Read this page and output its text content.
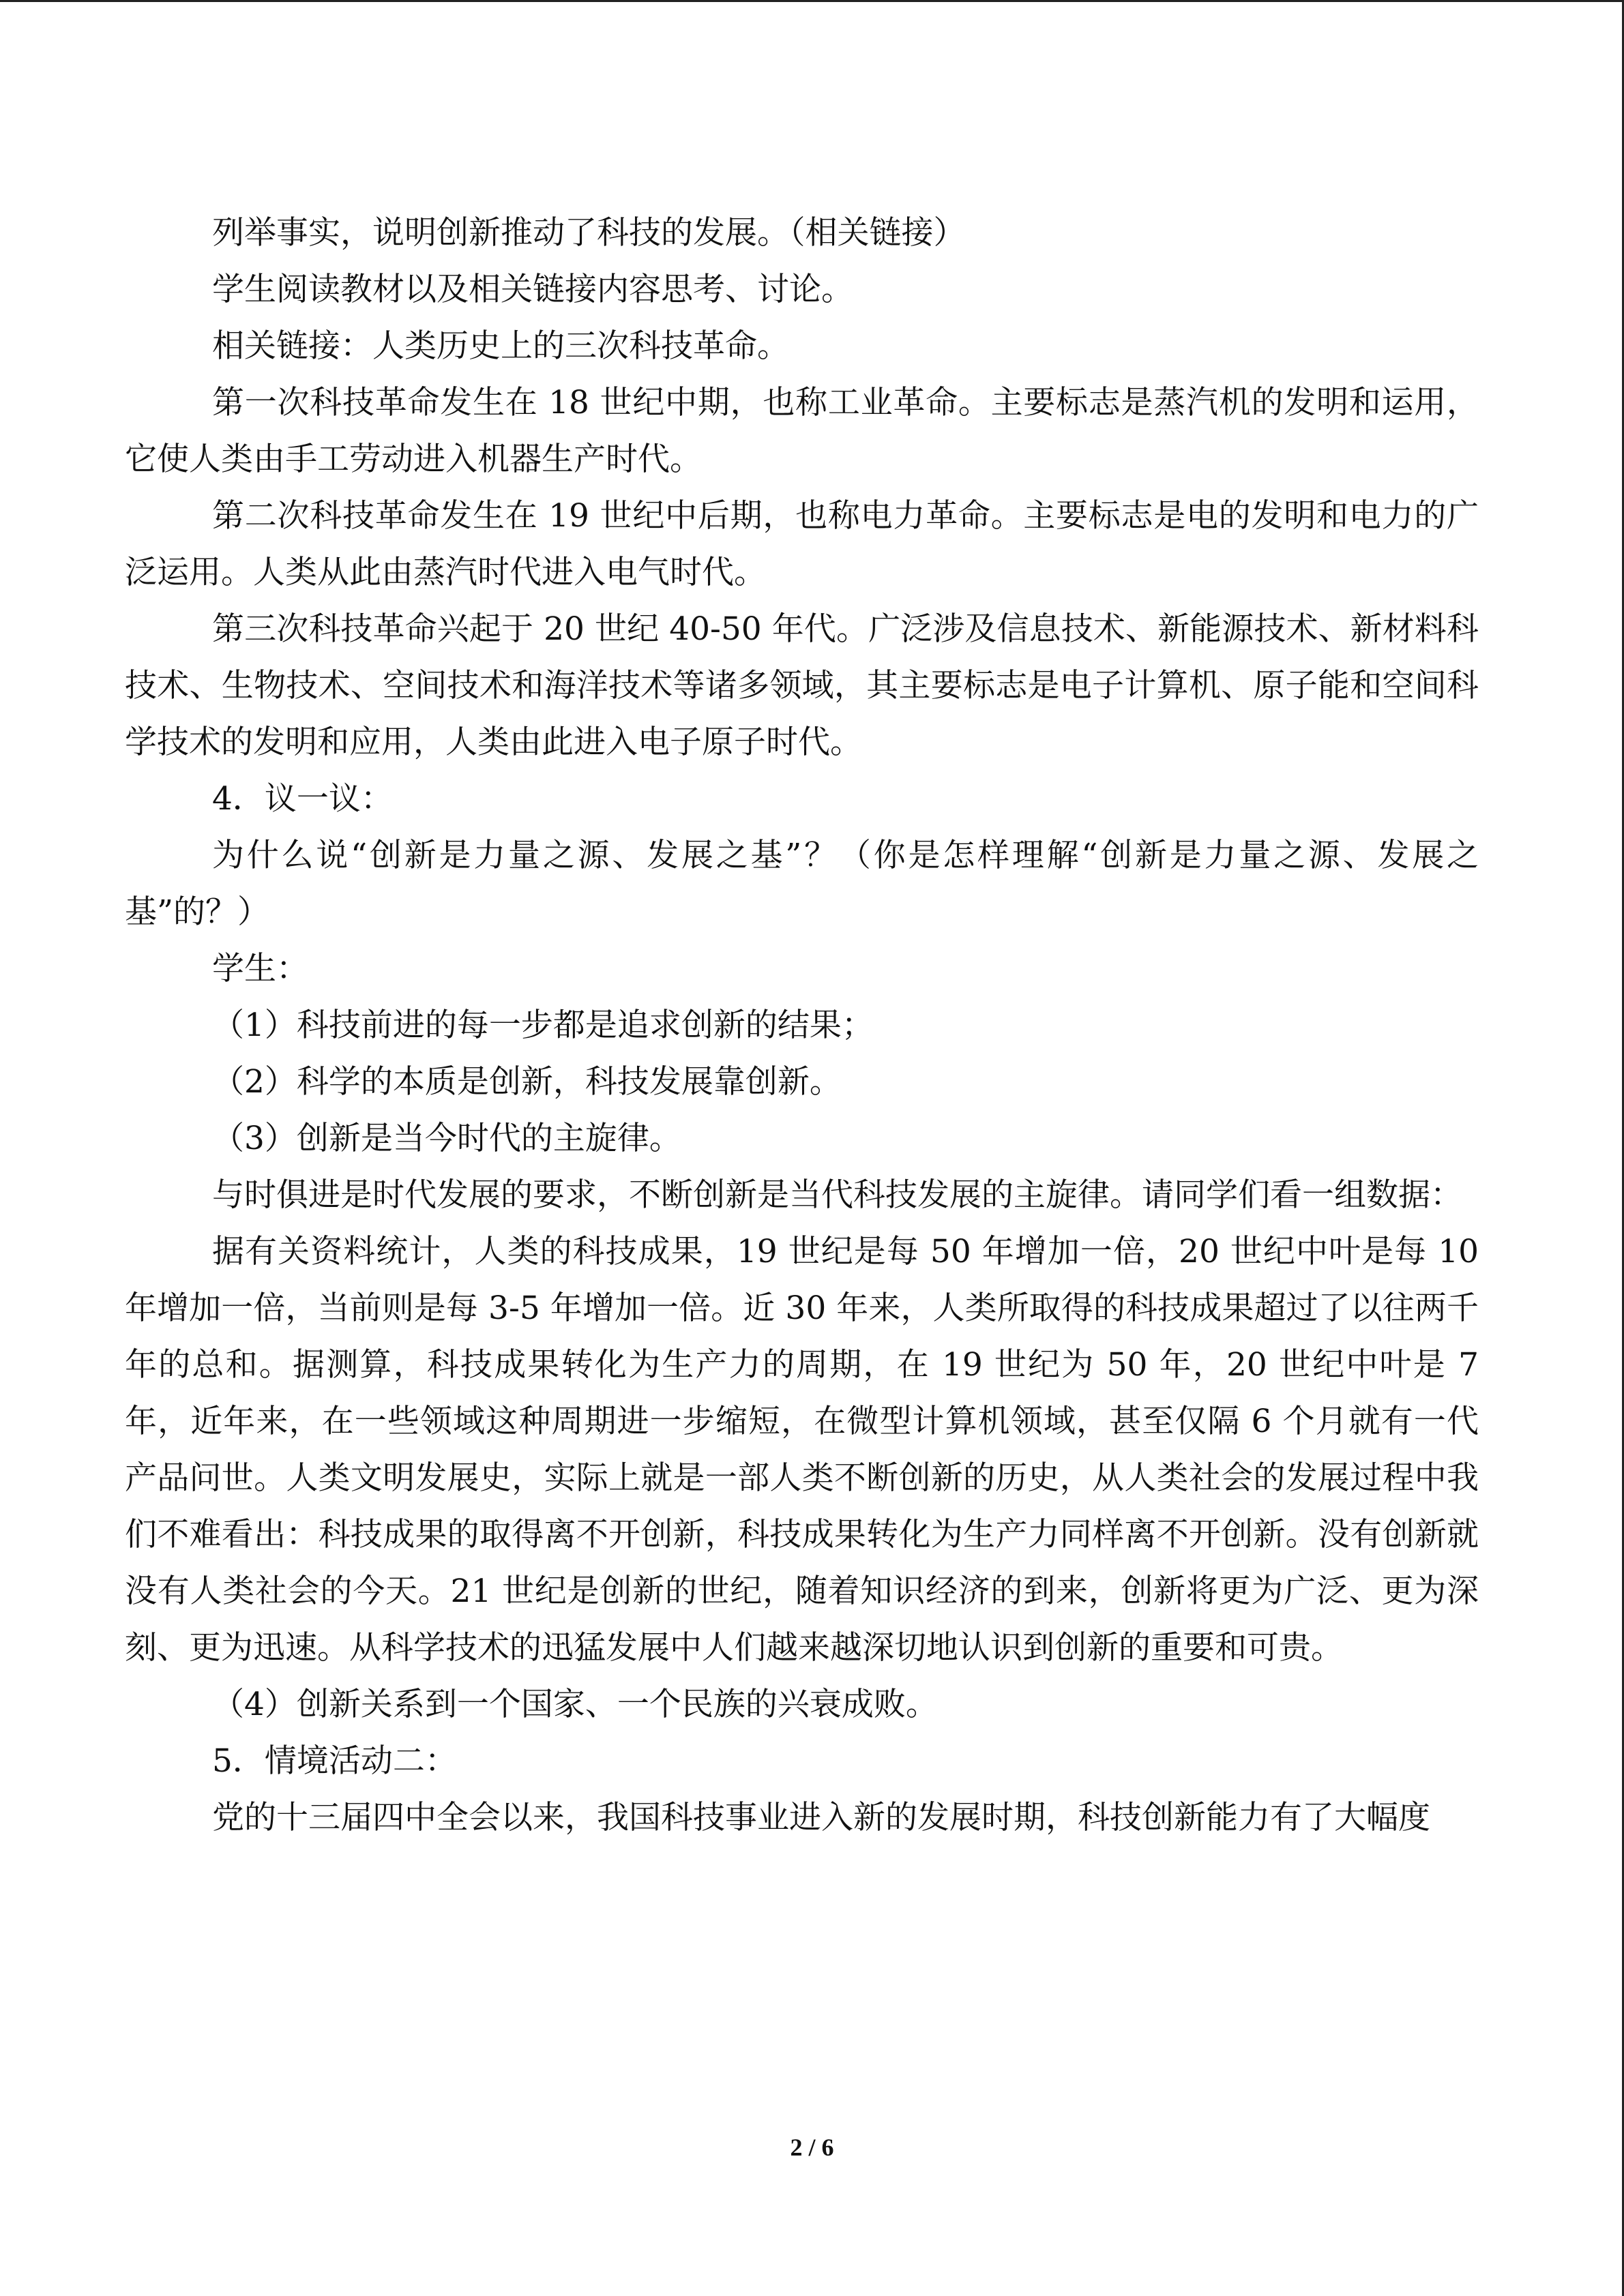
列举事实，说明创新推动了科技的发展。（相关链接）

学生阅读教材以及相关链接内容思考、讨论。

相关链接：人类历史上的三次科技革命。

第一次科技革命发生在 18 世纪中期，也称工业革命。主要标志是蒸汽机的发明和运用，它使人类由手工劳动进入机器生产时代。

第二次科技革命发生在 19 世纪中后期，也称电力革命。主要标志是电的发明和电力的广泛运用。人类从此由蒸汽时代进入电气时代。

第三次科技革命兴起于 20 世纪 40-50 年代。广泛涉及信息技术、新能源技术、新材料科技术、生物技术、空间技术和海洋技术等诸多领域，其主要标志是电子计算机、原子能和空间科学技术的发明和应用，人类由此进入电子原子时代。

4．议一议：

为什么说“创新是力量之源、发展之基”？（你是怎样理解“创新是力量之源、发展之基”的？）

学生：

（1）科技前进的每一步都是追求创新的结果；

（2）科学的本质是创新，科技发展靠创新。

（3）创新是当今时代的主旋律。

与时俱进是时代发展的要求，不断创新是当代科技发展的主旋律。请同学们看一组数据：

据有关资料统计，人类的科技成果，19 世纪是每 50 年增加一倍，20 世纪中叶是每 10 年增加一倍，当前则是每 3-5 年增加一倍。近 30 年来，人类所取得的科技成果超过了以往两千年的总和。据测算，科技成果转化为生产力的周期，在 19 世纪为 50 年，20 世纪中叶是 7 年，近年来，在一些领域这种周期进一步缩短，在微型计算机领域，甚至仅隔 6 个月就有一代产品问世。人类文明发展史，实际上就是一部人类不断创新的历史，从人类社会的发展过程中我们不难看出：科技成果的取得离不开创新，科技成果转化为生产力同样离不开创新。没有创新就没有人类社会的今天。21 世纪是创新的世纪，随着知识经济的到来，创新将更为广泛、更为深刻、更为迅速。从科学技术的迅猛发展中人们越来越深切地认识到创新的重要和可贵。

（4）创新关系到一个国家、一个民族的兴衰成败。

5．情境活动二：

党的十三届四中全会以来，我国科技事业进入新的发展时期，科技创新能力有了大幅度

2 / 6
